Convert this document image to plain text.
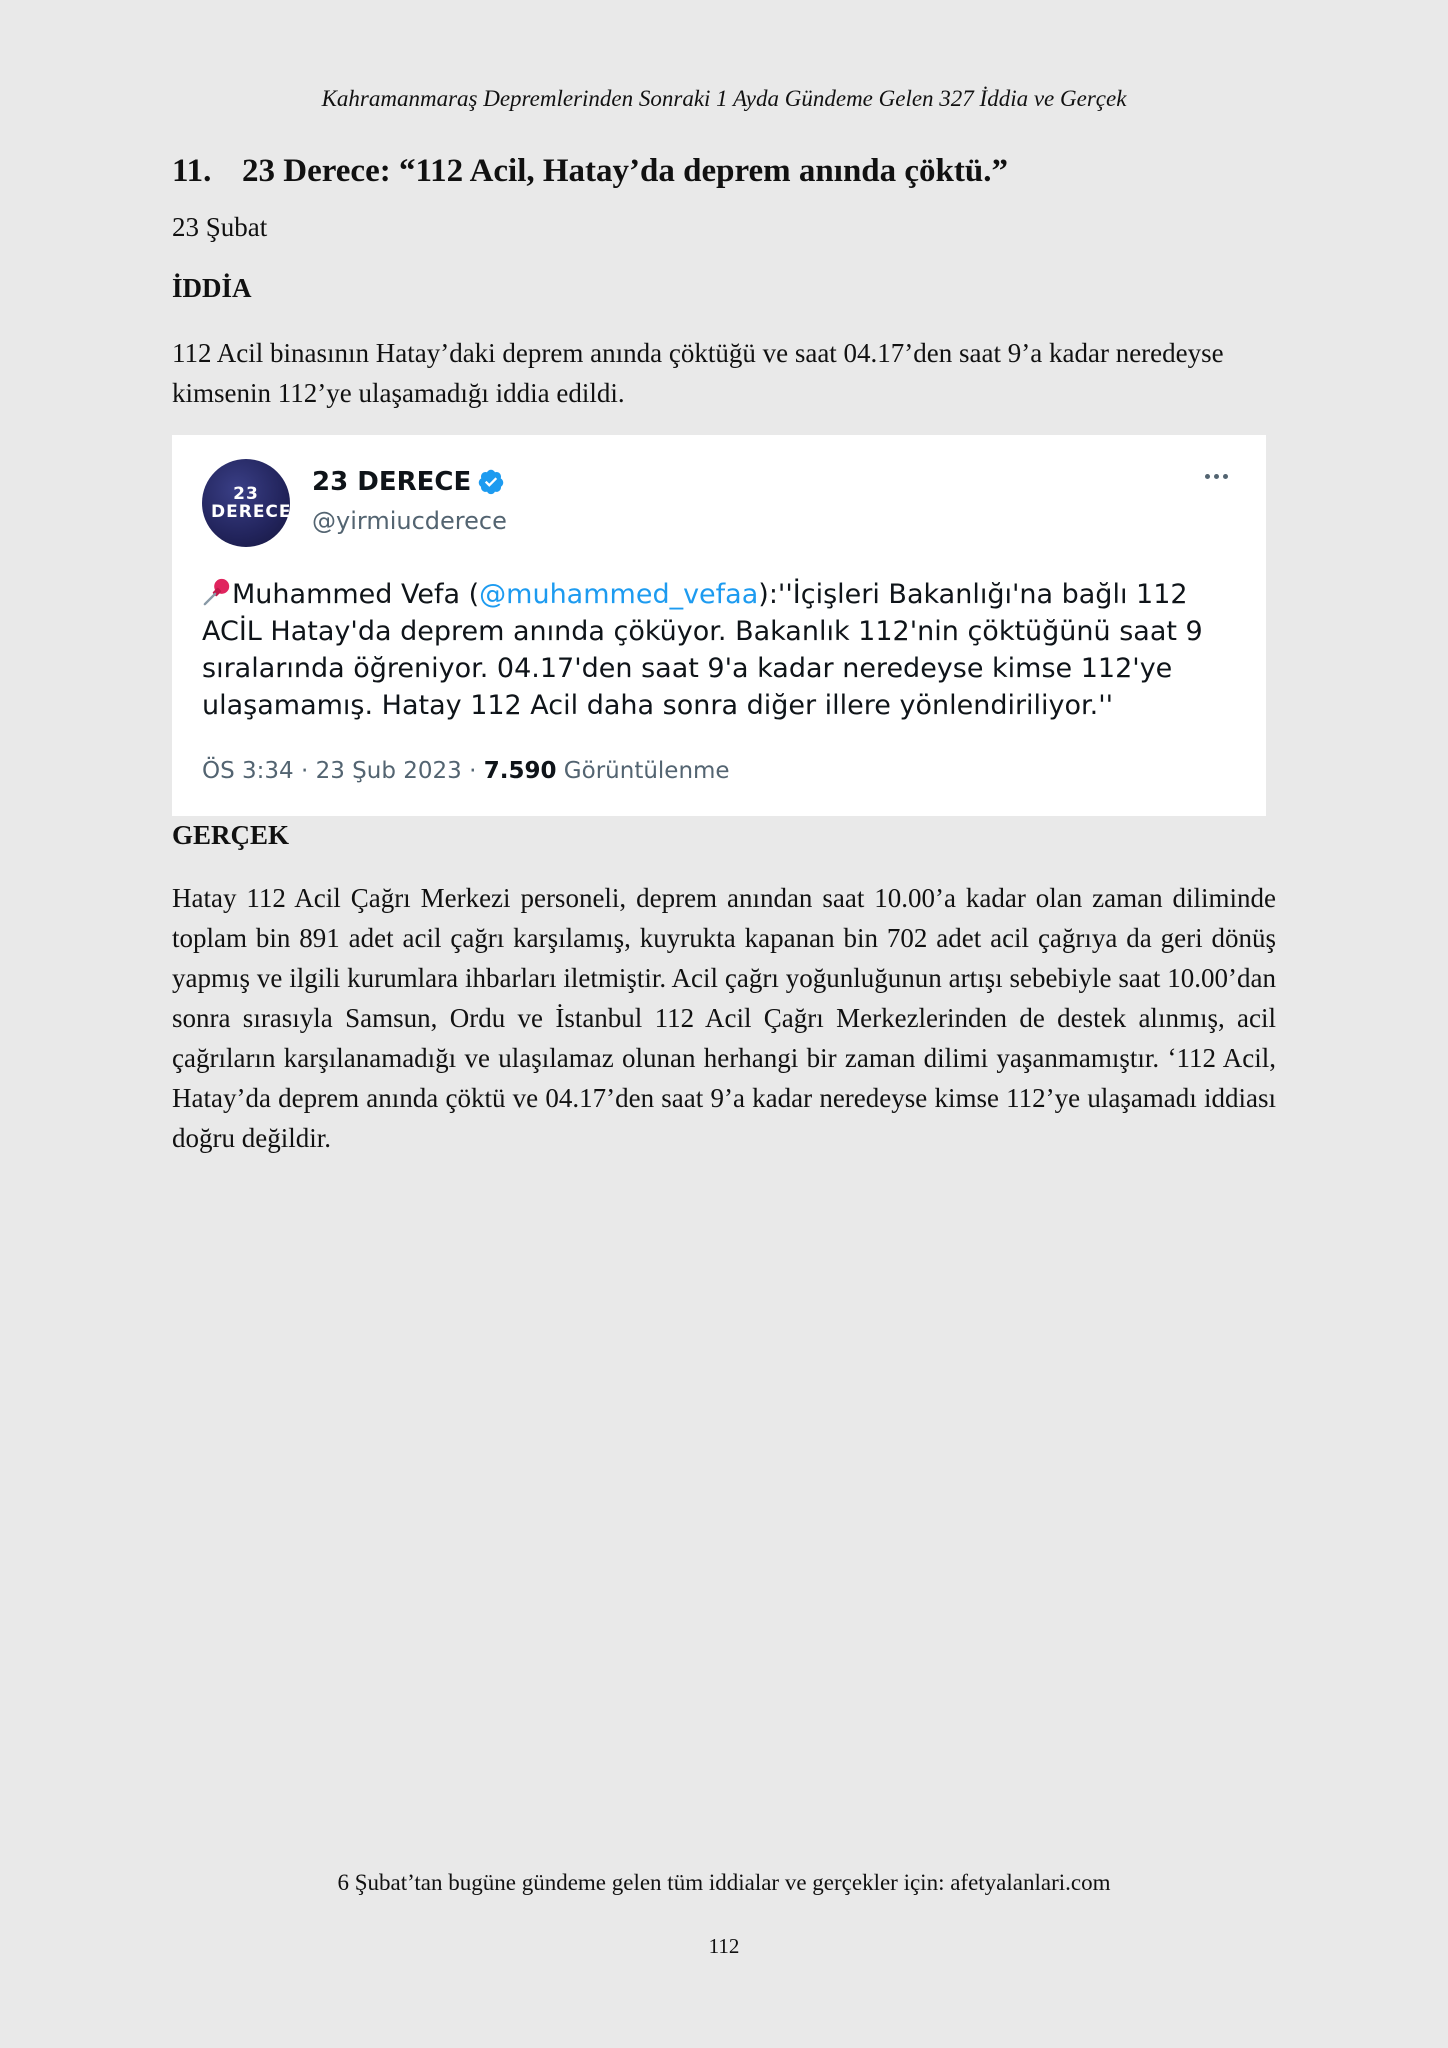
Kahramanmaraş Depremlerinden Sonraki 1 Ayda Gündeme Gelen 327 İddia ve Gerçek
11. 23 Derece: “112 Acil, Hatay’da deprem anında çöktü.”
23 Şubat
İDDİA
112 Acil binasının Hatay’daki deprem anında çöktüğü ve saat 04.17’den saat 9’a kadar neredeyse kimsenin 112’ye ulaşamadığı iddia edildi.
23
DERECE
23 DERECE
@yirmiucderece
Muhammed Vefa (@muhammed_vefaa):''İçişleri Bakanlığı'na bağlı 112 ACİL Hatay'da deprem anında çöküyor. Bakanlık 112'nin çöktüğünü saat 9 sıralarında öğreniyor. 04.17'den saat 9'a kadar neredeyse kimse 112'ye ulaşamamış. Hatay 112 Acil daha sonra diğer illere yönlendiriliyor.''
ÖS 3:34 · 23 Şub 2023 · 7.590 Görüntülenme
GERÇEK
Hatay 112 Acil Çağrı Merkezi personeli, deprem anından saat 10.00’a kadar olan zaman diliminde toplam bin 891 adet acil çağrı karşılamış, kuyrukta kapanan bin 702 adet acil çağrıya da geri dönüş yapmış ve ilgili kurumlara ihbarları iletmiştir. Acil çağrı yoğunluğunun artışı sebebiyle saat 10.00’dan sonra sırasıyla Samsun, Ordu ve İstanbul 112 Acil Çağrı Merkezlerinden de destek alınmış, acil çağrıların karşılanamadığı ve ulaşılamaz olunan herhangi bir zaman dilimi yaşanmamıştır. ‘112 Acil, Hatay’da deprem anında çöktü ve 04.17’den saat 9’a kadar neredeyse kimse 112’ye ulaşamadı iddiası doğru değildir.
6 Şubat’tan bugüne gündeme gelen tüm iddialar ve gerçekler için: afetyalanlari.com
112
